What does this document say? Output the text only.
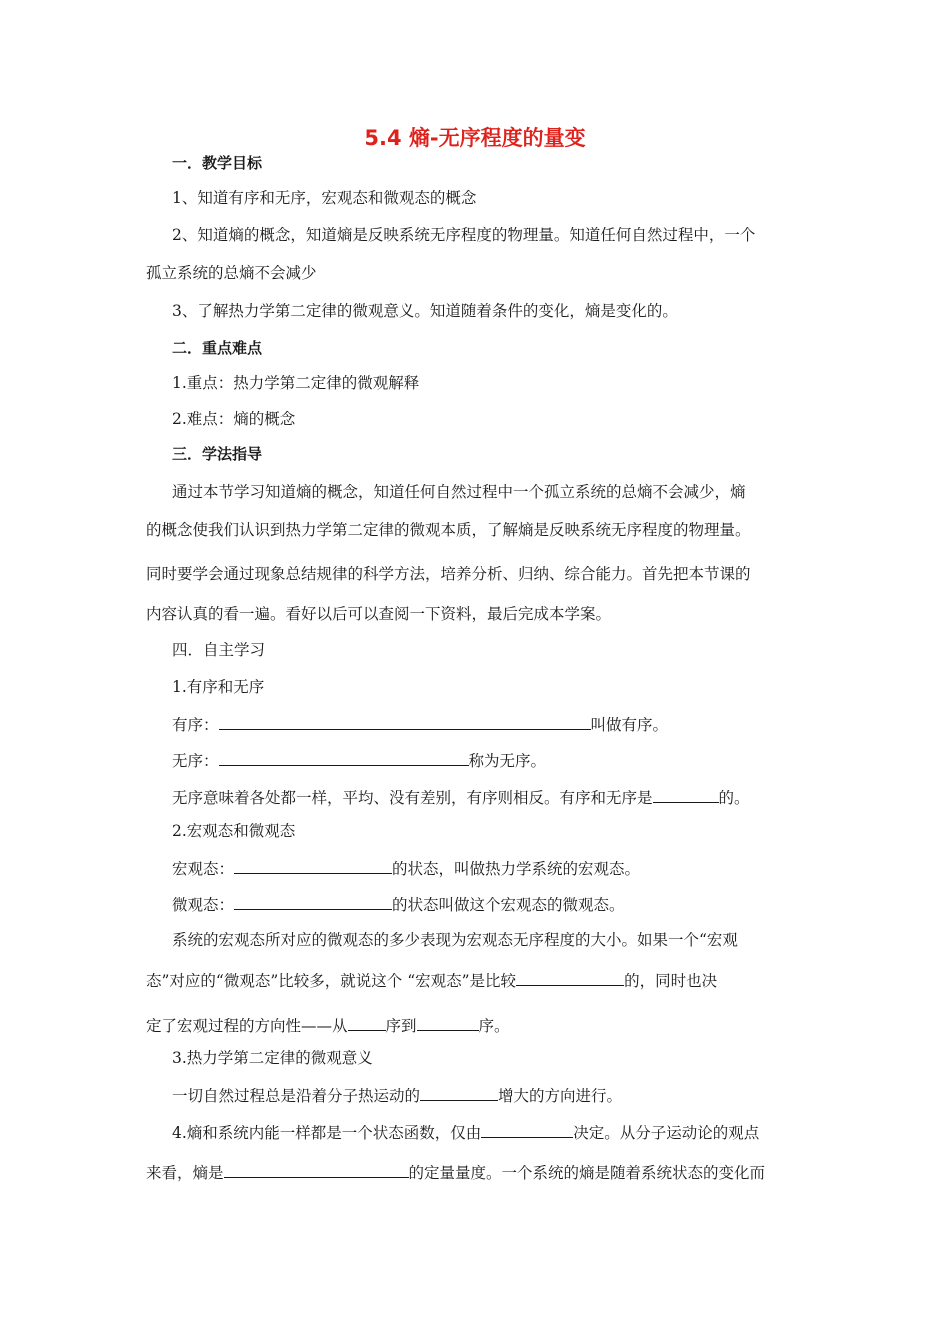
5.4 熵-无序程度的量变
一．教学目标
1、知道有序和无序，宏观态和微观态的概念
2、知道熵的概念，知道熵是反映系统无序程度的物理量。知道任何自然过程中，一个
孤立系统的总熵不会减少
3、了解热力学第二定律的微观意义。知道随着条件的变化，熵是变化的。
二．重点难点
1.重点：热力学第二定律的微观解释
2.难点：熵的概念
三．学法指导
通过本节学习知道熵的概念，知道任何自然过程中一个孤立系统的总熵不会减少，熵
的概念使我们认识到热力学第二定律的微观本质，了解熵是反映系统无序程度的物理量。
同时要学会通过现象总结规律的科学方法，培养分析、归纳、综合能力。首先把本节课的
内容认真的看一遍。看好以后可以查阅一下资料，最后完成本学案。
四．自主学习
1.有序和无序
有序：	叫做有序。
无序：	称为无序。
无序意味着各处都一样，平均、没有差别，有序则相反。有序和无序是	的。
2.宏观态和微观态
宏观态：	的状态，叫做热力学系统的宏观态。
微观态：	的状态叫做这个宏观态的微观态。
系统的宏观态所对应的微观态的多少表现为宏观态无序程度的大小。如果一个“宏观
态”对应的“微观态”比较多，就说这个 “宏观态”是比较	的，同时也决
定了宏观过程的方向性——从 序到	序。
3.热力学第二定律的微观意义
一切自然过程总是沿着分子热运动的	增大的方向进行。
4.熵和系统内能一样都是一个状态函数，仅由	决定。从分子运动论的观点
来看，熵是	的定量量度。一个系统的熵是随着系统状态的变化而
